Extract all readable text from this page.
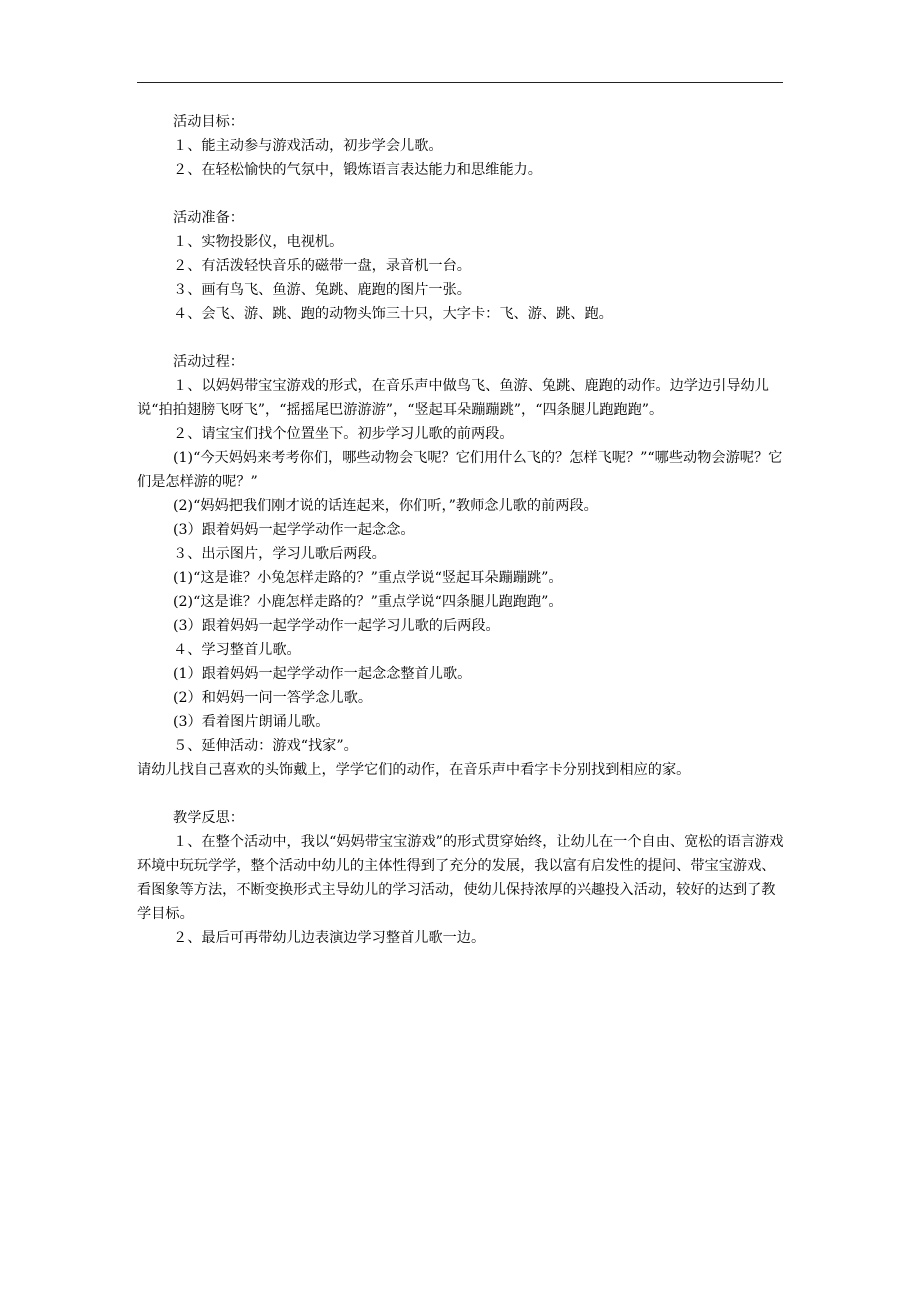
活动目标：

１、能主动参与游戏活动，初步学会儿歌。

２、在轻松愉快的气氛中，锻炼语言表达能力和思维能力。

活动准备：

１、实物投影仪，电视机。

２、有活泼轻快音乐的磁带一盘，录音机一台。

３、画有鸟飞、鱼游、兔跳、鹿跑的图片一张。

４、会飞、游、跳、跑的动物头饰三十只，大字卡：飞、游、跳、跑。

活动过程：

１、以妈妈带宝宝游戏的形式，在音乐声中做鸟飞、鱼游、兔跳、鹿跑的动作。边学边引导幼儿说“拍拍翅膀飞呀飞”，“摇摇尾巴游游游”，“竖起耳朵蹦蹦跳”，“四条腿儿跑跑跑”。

２、请宝宝们找个位置坐下。初步学习儿歌的前两段。

(1)“今天妈妈来考考你们，哪些动物会飞呢？它们用什么飞的？怎样飞呢？”“哪些动物会游呢？它们是怎样游的呢？”

(2)“妈妈把我们刚才说的话连起来，你们听，”教师念儿歌的前两段。

(3）跟着妈妈一起学学动作一起念念。

３、出示图片，学习儿歌后两段。

(1)“这是谁？小兔怎样走路的？”重点学说“竖起耳朵蹦蹦跳”。

(2)“这是谁？小鹿怎样走路的？”重点学说“四条腿儿跑跑跑”。

(3）跟着妈妈一起学学动作一起学习儿歌的后两段。

４、学习整首儿歌。

(1）跟着妈妈一起学学动作一起念念整首儿歌。

(2）和妈妈一问一答学念儿歌。

(3）看着图片朗诵儿歌。

５、延伸活动：游戏“找家”。

请幼儿找自己喜欢的头饰戴上，学学它们的动作，在音乐声中看字卡分别找到相应的家。

教学反思：

１、在整个活动中，我以“妈妈带宝宝游戏”的形式贯穿始终，让幼儿在一个自由、宽松的语言游戏环境中玩玩学学，整个活动中幼儿的主体性得到了充分的发展，我以富有启发性的提问、带宝宝游戏、看图象等方法，不断变换形式主导幼儿的学习活动，使幼儿保持浓厚的兴趣投入活动，较好的达到了教学目标。

２、最后可再带幼儿边表演边学习整首儿歌一边。
